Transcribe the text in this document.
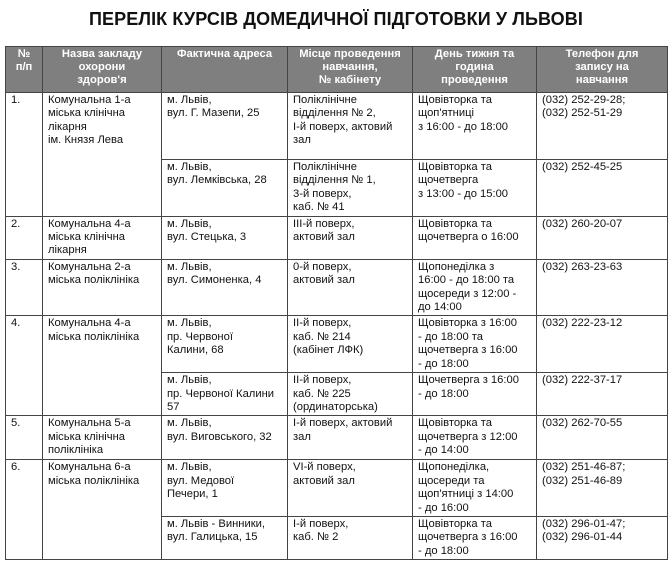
ПЕРЕЛІК КУРСІВ ДОМЕДИЧНОЇ ПІДГОТОВКИ У ЛЬВОВІ
№
п/п	Назва закладу
охорони
здоров'я	Фактична адреса	Місце проведення
навчання,
№ кабінету	День тижня та
година
проведення	Телефон для
запису на
навчання

1.	Комунальна 1-а
міська клінічна
лікарня
ім. Князя Лева	м. Львів,
вул. Г. Мазепи, 25	Поліклінічне
відділення № 2,
I-й поверх, актовий
зал	Щовівторка та
щоп'ятниці
з 16:00 - до 18:00	(032) 252-29-28;
(032) 252-51-29

		м. Львів,
вул. Лемківська, 28	Поліклінічне
відділення № 1,
3-й поверх,
каб. № 41	Щовівторка та
щочетверга
з 13:00 - до 15:00	(032) 252-45-25

2.	Комунальна 4-а
міська клінічна
лікарня	м. Львів,
вул. Стецька, 3	III-й поверх,
актовий зал	Щовівторка та
щочетверга о 16:00	(032) 260-20-07

3.	Комунальна 2-а
міська поліклініка	м. Львів,
вул. Симоненка, 4	0-й поверх,
актовий зал	Щопонеділка з
16:00 - до 18:00 та
щосереди з 12:00 -
до 14:00	(032) 263-23-63

4.	Комунальна 4-а
міська поліклініка	м. Львів,
пр. Червоної
Калини, 68	II-й поверх,
каб. № 214
(кабінет ЛФК)	Щовівторка з 16:00
- до 18:00 та
щочетверга з 16:00
- до 18:00	(032) 222-23-12

		м. Львів,
пр. Червоної Калини
57	II-й поверх,
каб. № 225
(ординаторська)	Щочетверга з 16:00
- до 18:00	(032) 222-37-17

5.	Комунальна 5-а
міська клінічна
поліклініка	м. Львів,
вул. Виговського, 32	I-й поверх, актовий
зал	Щовівторка та
щочетверга з 12:00
- до 14:00	(032) 262-70-55

6.	Комунальна 6-а
міська поліклініка	м. Львів,
вул. Медової
Печери, 1	VI-й поверх,
актовий зал	Щопонеділка,
щосереди та
щоп'ятниці з 14:00
- до 16:00	(032) 251-46-87;
(032) 251-46-89

		м. Львів - Винники,
вул. Галицька, 15	I-й поверх,
каб. № 2	Щовівторка та
щочетверга з 16:00
- до 18:00	(032) 296-01-47;
(032) 296-01-44
